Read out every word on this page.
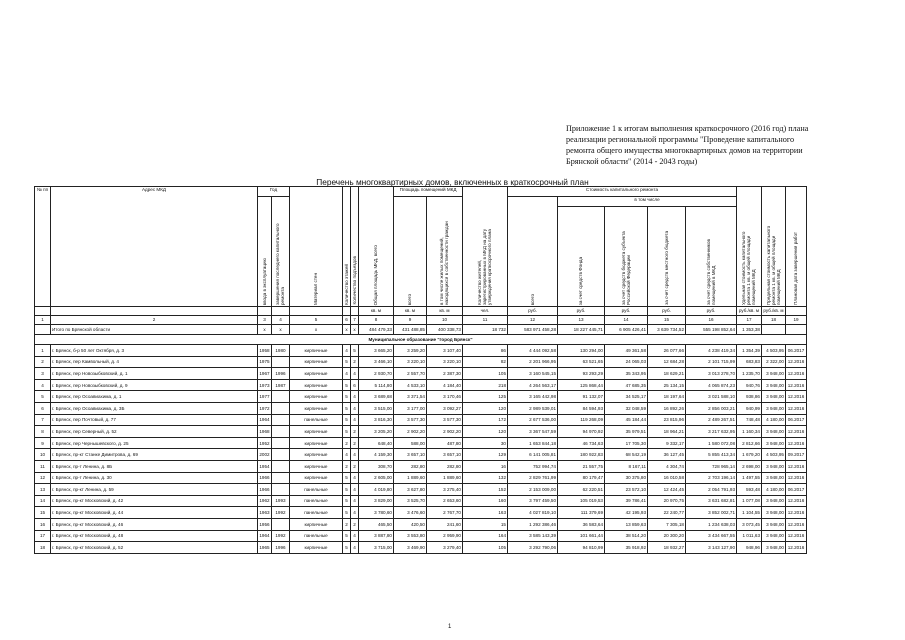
Приложение 1 к итогам выполнения краткосрочного (2016 год) плана
реализации региональной программы "Проведение капитального
ремонта общего имущества многоквартирных домов на территории
Брянской области" (2014 - 2043 годы)
Перечень многоквартирных домов, включенных в краткосрочный план
№ пп	Адрес МКД	Год		Материал стен	Количество этажей	Количество подъездов	Общая площадь МКД, всего	Площадь помещений МКД		Количество жителей, зарегистрированных в МКД на дату утверждения краткосрочного плана	Стоимость капитального ремонта					Удельная стоимость капитального ремонта 1 кв. м общей площади помещений МКД	Предельная стоимость капитального ремонта 1 кв. м общей площади помещений МКД	Плановая дата завершения работ
		ввода в эксплуатацию	завершения последнего капитального ремонта					всего	в том числе жилых помещений, находящихся в собственности граждан		всего	в том числе						
												за счет средств Фонда	за счет средств бюджета субъекта Российской Федерации	за счет средств местного бюджета	за счет средств собственников помещений в МКД			
							кв. м	кв. м	кв. м	чел.	руб.	руб.	руб.	руб.	руб.	руб./кв. м	руб./кв. м	
1	2	3	4	5	6	7	8	9	10	11	12	13	14	15	16	17	18	19
	Итого по Брянской области	x	x	x	x	x	484 479,33	431 488,85	400 338,73	18 732	583 971 458,28	18 227 445,71	6 905 426,41	3 639 734,52	555 198 852,64	1 353,38		
Муниципальное образование "город Брянск"																		
1	г. Брянск, б-р 50 лет Октября, д. 3	1958	1980	кирпичные	4	5	3 665,20	3 259,20	3 107,40	86	4 444 092,58	130 294,00	49 361,58	26 077,66	4 238 419,34	1 354,39	4 503,95	06.2017
2	г. Брянск, пер Камвольный, д. 4	1975		кирпичные	5	2	3 466,10	3 220,10	3 220,10	82	2 201 966,95	63 521,65	24 065,03	12 684,28	2 101 715,99	683,83	2 322,00	12.2016
3	г. Брянск, пер Новозыбковский, д. 1	1967	1996	кирпичные	4	4	2 930,70	2 557,70	2 387,30	105	3 160 545,15	93 293,29	35 343,95	18 629,21	3 013 278,70	1 235,70	3 948,00	12.2016
4	г. Брянск, пер Новозыбковский, д. 9	1973	1987	кирпичные	5	6	5 114,80	4 533,10	4 184,40	218	4 264 563,17	125 868,44	47 685,35	25 134,15	4 065 874,23	940,76	3 948,00	12.2016
5	г. Брянск, пер Осоавиахима, д. 1	1977		кирпичные	5	4	3 689,68	3 371,54	3 170,46	125	3 165 442,98	91 132,07	34 525,17	18 197,64	3 021 588,10	938,86	3 948,00	12.2016
6	г. Брянск, пер Осоавиахима, д. 3Б	1972		кирпичные	5	4	3 515,00	3 177,00	3 092,27	120	2 989 539,01	84 594,93	32 048,59	16 892,26	2 856 003,21	940,99	3 948,00	12.2016
7	г. Брянск, пер Почтовый, д. 77	1964		панельные	5	4	3 816,30	3 577,30	3 577,30	172	2 677 536,00	119 268,09	45 184,44	23 815,96	2 489 267,51	748,48	4 180,00	06.2017
8	г. Брянск, пер Северный, д. 52	1968		кирпичные	5	2	3 205,20	2 902,20	2 902,20	120	3 367 547,59	94 970,92	35 979,51	18 964,21	3 217 632,95	1 160,34	3 948,00	12.2016
9	г. Брянск, пер Чернышевского, д. 25	1952		кирпичные	2	2	648,40	588,00	487,80	30	1 653 844,18	46 734,63	17 705,30	9 332,17	1 580 072,08	2 812,66	3 948,00	12.2016
10	г. Брянск, пр-кт Станке Димитрова, д. 69	2002		кирпичные	4	4	4 159,30	3 657,10	3 657,10	129	6 141 005,81	180 922,83	68 542,19	36 127,45	5 855 413,34	1 679,20	4 503,95	09.2017
11	г. Брянск, пр-т Ленина, д. 8Б	1954		кирпичные	2	2	308,70	282,80	282,80	16	752 994,74	21 557,75	8 167,11	4 304,74	728 965,14	2 698,00	3 948,00	12.2016
12	г. Брянск, пр-т Ленина, д. 30	1966		кирпичные	5	4	2 605,00	1 889,60	1 889,60	132	2 829 761,99	80 179,47	30 375,80	16 010,58	2 703 196,14	1 497,55	3 948,00	12.2016
13	г. Брянск, пр-кт Ленина, д. 59	1966		панельные	5	4	4 019,80	3 627,80	3 275,40	152	2 153 009,00	62 220,51	23 572,10	12 424,45	2 054 791,93	593,48	4 180,00	06.2017
14	г. Брянск, пр-кт Московский, д. 42	1962	1993	панельные	5	4	3 829,00	3 525,70	2 653,60	160	3 797 459,50	105 019,53	39 786,41	20 970,75	3 631 682,81	1 077,08	3 948,00	12.2016
15	г. Брянск, пр-кт Московский, д. 44	1963	1992	панельные	5	4	3 780,60	3 476,60	2 767,70	163	4 027 819,10	111 379,69	42 195,93	22 240,77	3 852 002,71	1 104,55	3 948,00	12.2016
16	г. Брянск, пр-кт Московский, д. 46	1956		кирпичные	2	2	465,50	420,50	241,60	15	1 292 386,46	36 583,64	13 859,63	7 305,18	1 234 638,03	3 073,45	3 948,00	12.2016
17	г. Брянск, пр-кт Московский, д. 48	1964	1992	панельные	5	4	3 887,80	3 553,80	2 959,90	164	3 585 143,39	101 661,44	38 514,20	20 300,20	3 434 667,55	1 011,63	3 948,00	12.2016
18	г. Брянск, пр-кт Московский, д. 52	1965	1996	кирпичные	5	4	3 715,00	3 469,90	3 279,40	105	3 292 790,06	94 810,99	35 918,92	18 932,27	3 143 127,90	948,96	3 948,00	12.2016
1
